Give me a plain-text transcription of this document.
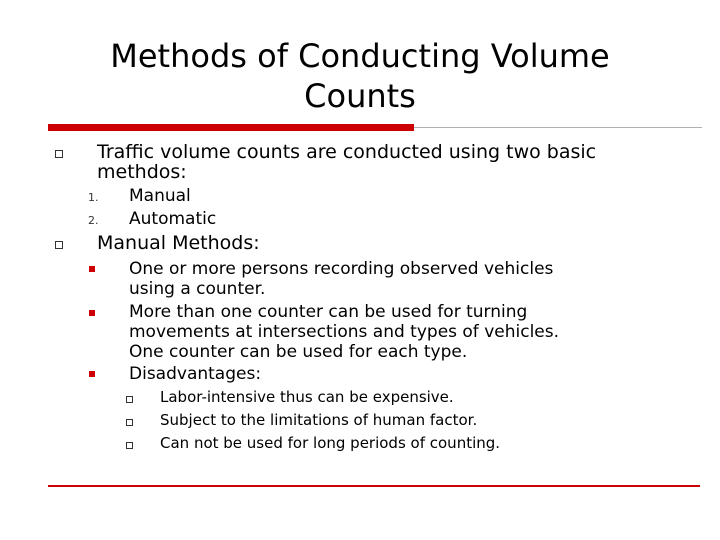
Methods of Conducting Volume
Counts
Traffic volume counts are conducted using two basic
methdos:
1. Manual
2. Automatic
Manual Methods:
One or more persons recording observed vehicles
using a counter.
More than one counter can be used for turning
movements at intersections and types of vehicles.
One counter can be used for each type.
Disadvantages:
Labor-intensive thus can be expensive.
Subject to the limitations of human factor.
Can not be used for long periods of counting.
